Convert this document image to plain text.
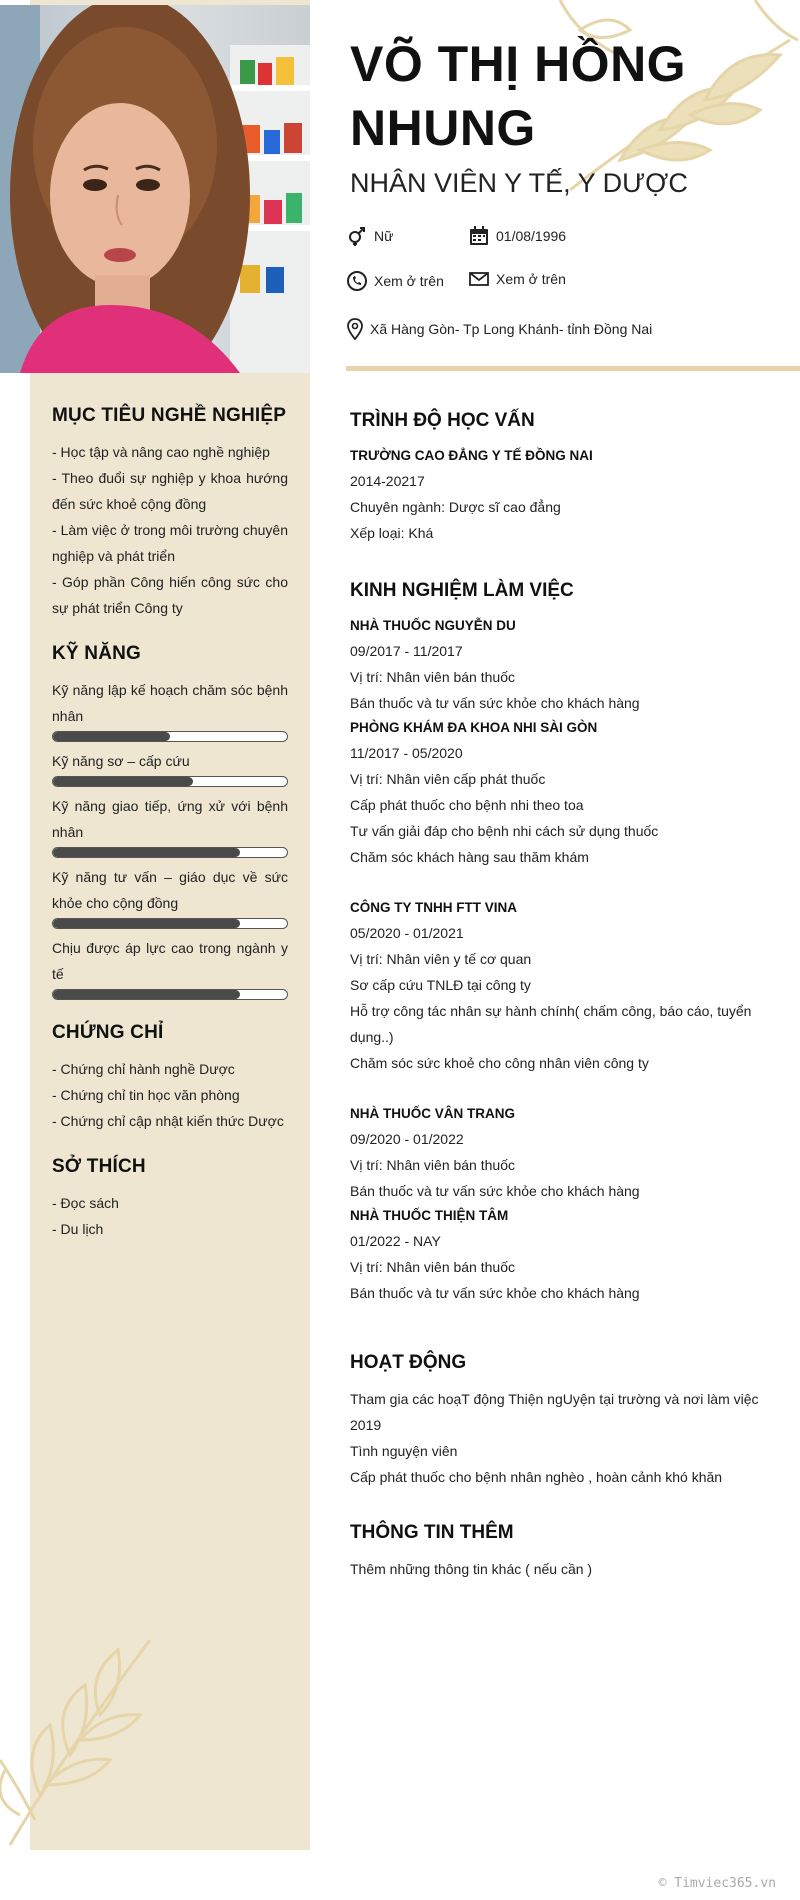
VÕ THỊ HỒNG
NHUNG
NHÂN VIÊN Y TẾ, Y DƯỢC
Nữ	01/08/1996
Xem ở trên	Xem ở trên
Xã Hàng Gòn- Tp Long Khánh- tỉnh Đồng Nai
MỤC TIÊU NGHỀ NGHIỆP
- Học tập và nâng cao nghề nghiệp
- Theo đuổi sự nghiệp y khoa hướng đến sức khoẻ cộng đồng
- Làm việc ở trong môi trường chuyên nghiệp và phát triển
- Góp phần Công hiến công sức cho sự phát triển Công ty
KỸ NĂNG
Kỹ năng lập kế hoạch chăm sóc bệnh nhân
Kỹ năng sơ – cấp cứu
Kỹ năng giao tiếp, ứng xử với bệnh nhân
Kỹ năng tư vấn – giáo dục về sức khỏe cho cộng đồng
Chịu được áp lực cao trong ngành y tế
CHỨNG CHỈ
- Chứng chỉ hành nghề Dược
- Chứng chỉ tin học văn phòng
- Chứng chỉ cập nhật kiến thức Dược
SỞ THÍCH
- Đọc sách
- Du lịch
TRÌNH ĐỘ HỌC VẤN
TRƯỜNG CAO ĐẲNG Y TẾ ĐỒNG NAI
2014-20217
Chuyên ngành: Dược sĩ cao đẳng
Xếp loại: Khá
KINH NGHIỆM LÀM VIỆC
NHÀ THUỐC NGUYỄN DU
09/2017 - 11/2017
Vị trí: Nhân viên bán thuốc
Bán thuốc và tư vấn sức khỏe cho khách hàng
PHÒNG KHÁM ĐA KHOA NHI SÀI GÒN
11/2017 - 05/2020
Vị trí: Nhân viên cấp phát thuốc
Cấp phát thuốc cho bệnh nhi theo toa
Tư vấn giải đáp cho bệnh nhi cách sử dụng thuốc
Chăm sóc khách hàng sau thăm khám
CÔNG TY TNHH FTT VINA
05/2020 - 01/2021
Vị trí: Nhân viên y tế cơ quan
Sơ cấp cứu TNLĐ tại công ty
Hỗ trợ công tác nhân sự hành chính( chấm công, báo cáo, tuyển dụng..)
Chăm sóc sức khoẻ cho công nhân viên công ty
NHÀ THUỐC VÂN TRANG
09/2020 - 01/2022
Vị trí: Nhân viên bán thuốc
Bán thuốc và tư vấn sức khỏe cho khách hàng
NHÀ THUỐC THIỆN TÂM
01/2022 - NAY
Vị trí: Nhân viên bán thuốc
Bán thuốc và tư vấn sức khỏe cho khách hàng
HOẠT ĐỘNG
Tham gia các hoạT động Thiện ngUyện tại trường và nơi làm việc 2019
Tình nguyện viên
Cấp phát thuốc cho bệnh nhân nghèo , hoàn cảnh khó khăn
THÔNG TIN THÊM
Thêm những thông tin khác ( nếu cần )
© Timviec365.vn
